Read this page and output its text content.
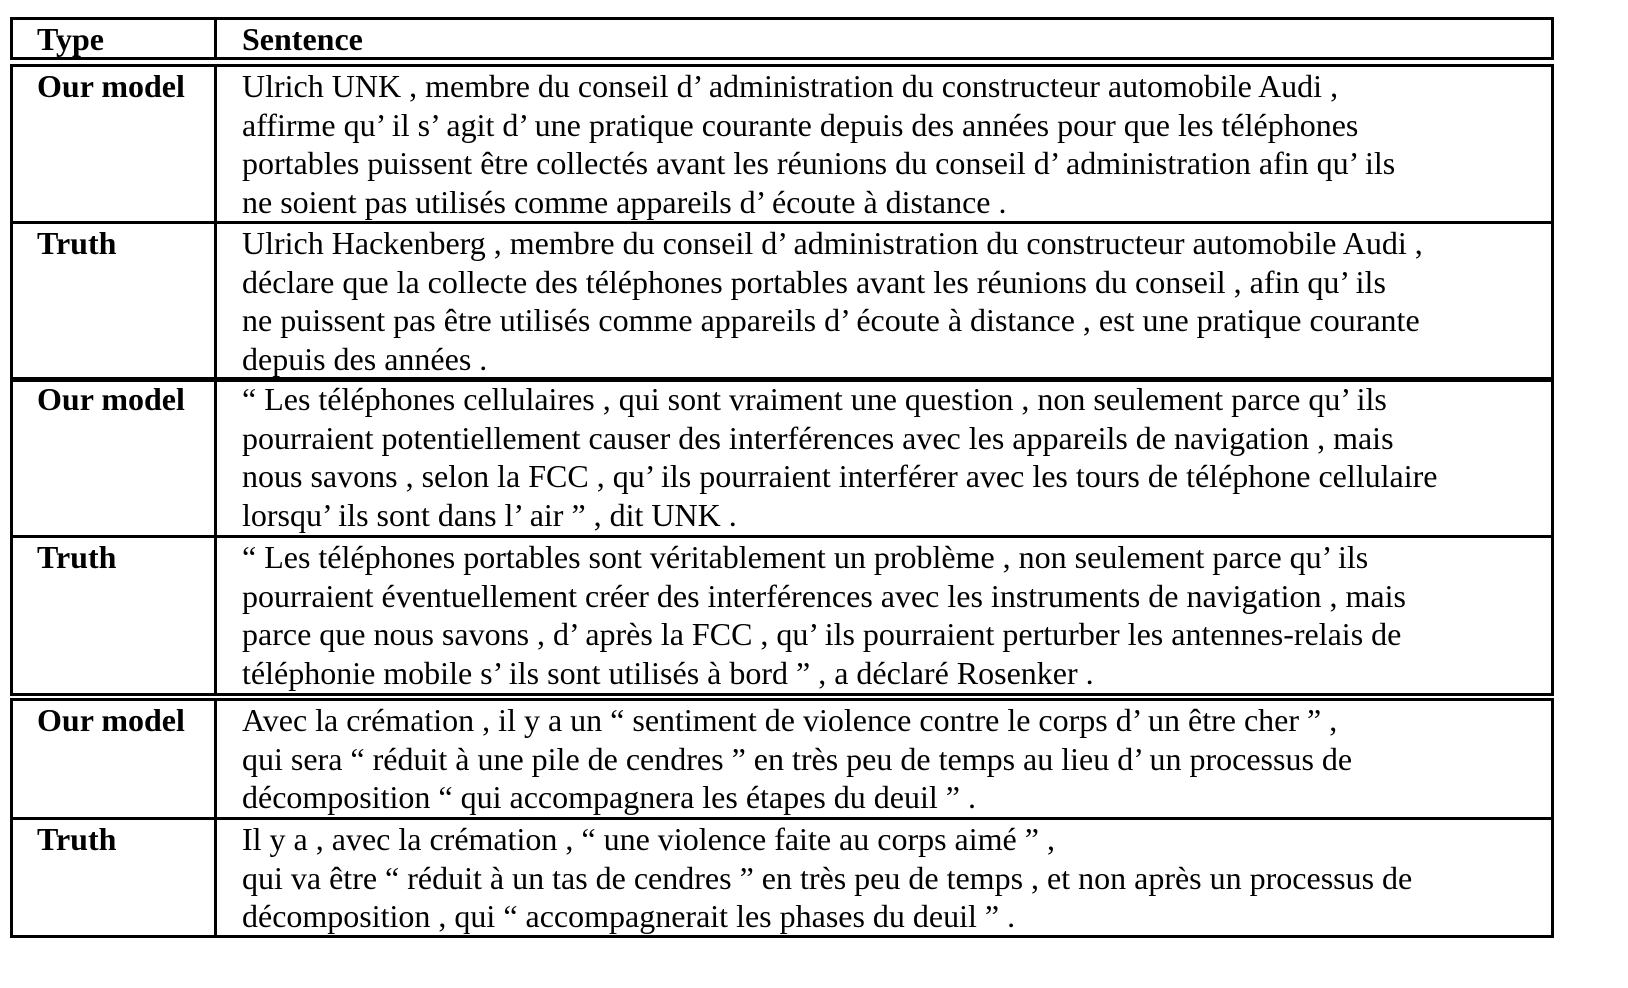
Type	Sentence
Our model	Ulrich UNK , membre du conseil d’ administration du constructeur automobile Audi ,
affirme qu’ il s’ agit d’ une pratique courante depuis des années pour que les téléphones
portables puissent être collectés avant les réunions du conseil d’ administration afin qu’ ils
ne soient pas utilisés comme appareils d’ écoute à distance .
Truth	Ulrich Hackenberg , membre du conseil d’ administration du constructeur automobile Audi ,
déclare que la collecte des téléphones portables avant les réunions du conseil , afin qu’ ils
ne puissent pas être utilisés comme appareils d’ écoute à distance , est une pratique courante
depuis des années .
Our model	“ Les téléphones cellulaires , qui sont vraiment une question , non seulement parce qu’ ils
pourraient potentiellement causer des interférences avec les appareils de navigation , mais
nous savons , selon la FCC , qu’ ils pourraient interférer avec les tours de téléphone cellulaire
lorsqu’ ils sont dans l’ air ” , dit UNK .
Truth	“ Les téléphones portables sont véritablement un problème , non seulement parce qu’ ils
pourraient éventuellement créer des interférences avec les instruments de navigation , mais
parce que nous savons , d’ après la FCC , qu’ ils pourraient perturber les antennes-relais de
téléphonie mobile s’ ils sont utilisés à bord ” , a déclaré Rosenker .
Our model	Avec la crémation , il y a un “ sentiment de violence contre le corps d’ un être cher ” ,
qui sera “ réduit à une pile de cendres ” en très peu de temps au lieu d’ un processus de
décomposition “ qui accompagnera les étapes du deuil ” .
Truth	Il y a , avec la crémation , “ une violence faite au corps aimé ” ,
qui va être “ réduit à un tas de cendres ” en très peu de temps , et non après un processus de
décomposition , qui “ accompagnerait les phases du deuil ” .
